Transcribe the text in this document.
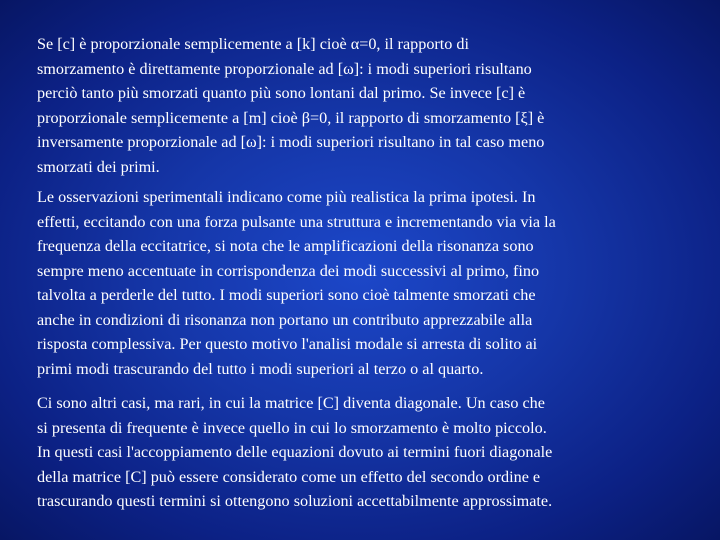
Se [c] è proporzionale semplicemente a [k] cioè α=0, il rapporto di
smorzamento è direttamente proporzionale ad [ω]: i modi superiori risultano
perciò tanto più smorzati quanto più sono lontani dal primo. Se invece [c] è
proporzionale semplicemente a [m] cioè β=0, il rapporto di smorzamento [ξ] è
inversamente proporzionale ad [ω]: i modi superiori risultano in tal caso meno
smorzati dei primi.

Le osservazioni sperimentali indicano come più realistica la prima ipotesi. In
effetti, eccitando con una forza pulsante una struttura e incrementando via via la
frequenza della eccitatrice, si nota che le amplificazioni della risonanza sono
sempre meno accentuate in corrispondenza dei modi successivi al primo, fino
talvolta a perderle del tutto. I modi superiori sono cioè talmente smorzati che
anche in condizioni di risonanza non portano un contributo apprezzabile alla
risposta complessiva. Per questo motivo l'analisi modale si arresta di solito ai
primi modi trascurando del tutto i modi superiori al terzo o al quarto.

Ci sono altri casi, ma rari, in cui la matrice [C] diventa diagonale. Un caso che
si presenta di frequente è invece quello in cui lo smorzamento è molto piccolo.
In questi casi l'accoppiamento delle equazioni dovuto ai termini fuori diagonale
della matrice [C] può essere considerato come un effetto del secondo ordine e
trascurando questi termini si ottengono soluzioni accettabilmente approssimate.
